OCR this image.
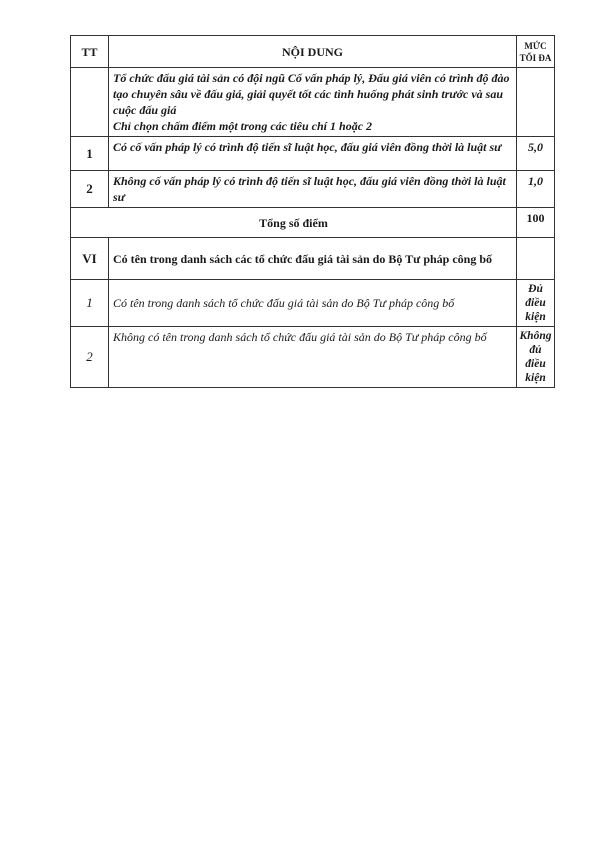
TT	NỘI DUNG	MỨC
TỐI ĐA

	Tổ chức đấu giá tài sản có đội ngũ Cố vấn pháp lý, Đấu giá viên có trình độ đào tạo chuyên sâu về đấu giá, giải quyết tốt các tình huống phát sinh trước và sau cuộc đấu giá
Chỉ chọn chấm điểm một trong các tiêu chí 1 hoặc 2	

1	Có cố vấn pháp lý có trình độ tiến sĩ luật học, đấu giá viên đồng thời là luật sư	5,0
2	Không cố vấn pháp lý có trình độ tiến sĩ luật học, đấu giá viên đồng thời là luật sư	1,0
Tổng số điểm		100
VI	Có tên trong danh sách các tổ chức đấu giá tài sản do Bộ Tư pháp công bố	
1	Có tên trong danh sách tổ chức đấu giá tài sản do Bộ Tư pháp công bố	Đủ điều kiện
2	Không có tên trong danh sách tổ chức đấu giá tài sản do Bộ Tư pháp công bố	Không đủ điều kiện
